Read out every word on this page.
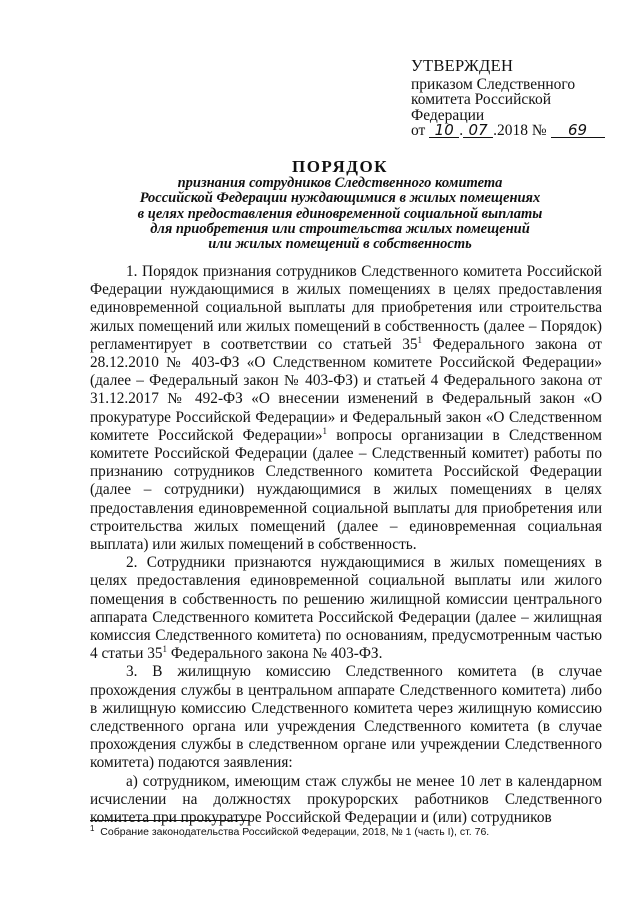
УТВЕРЖДЕН
приказом Следственного
комитета Российской
Федерации
от 10 . 07 .2018 № 69
ПОРЯДОК
признания сотрудников Следственного комитета
Российской Федерации нуждающимися в жилых помещениях
в целях предоставления единовременной социальной выплаты
для приобретения или строительства жилых помещений
или жилых помещений в собственность

1. Порядок признания сотрудников Следственного комитета Российской Федерации нуждающимися в жилых помещениях в целях предоставления единовременной социальной выплаты для приобретения или строительства жилых помещений или жилых помещений в собственность (далее – Порядок) регламентирует в соответствии со статьей $35^1$ Федерального закона от 28.12.2010 № 403-ФЗ «О Следственном комитете Российской Федерации» (далее – Федеральный закон № 403-ФЗ) и статьей 4 Федерального закона от 31.12.2017 № 492-ФЗ «О внесении изменений в Федеральный закон «О прокуратуре Российской Федерации» и Федеральный закон «О Следственном комитете Российской Федерации»$^1$ вопросы организации в Следственном комитете Российской Федерации (далее – Следственный комитет) работы по признанию сотрудников Следственного комитета Российской Федерации (далее – сотрудники) нуждающимися в жилых помещениях в целях предоставления единовременной социальной выплаты для приобретения или строительства жилых помещений (далее – единовременная социальная выплата) или жилых помещений в собственность.

2. Сотрудники признаются нуждающимися в жилых помещениях в целях предоставления единовременной социальной выплаты или жилого помещения в собственность по решению жилищной комиссии центрального аппарата Следственного комитета Российской Федерации (далее – жилищная комиссия Следственного комитета) по основаниям, предусмотренным частью 4 статьи $35^1$ Федерального закона № 403-ФЗ.

3. В жилищную комиссию Следственного комитета (в случае прохождения службы в центральном аппарате Следственного комитета) либо в жилищную комиссию Следственного комитета через жилищную комиссию следственного органа или учреждения Следственного комитета (в случае прохождения службы в следственном органе или учреждении Следственного комитета) подаются заявления:

а) сотрудником, имеющим стаж службы не менее 10 лет в календарном исчислении на должностях прокурорских работников Следственного комитета при прокуратуре Российской Федерации и (или) сотрудников

$^1$ Собрание законодательства Российской Федерации, 2018, № 1 (часть I), ст. 76.
